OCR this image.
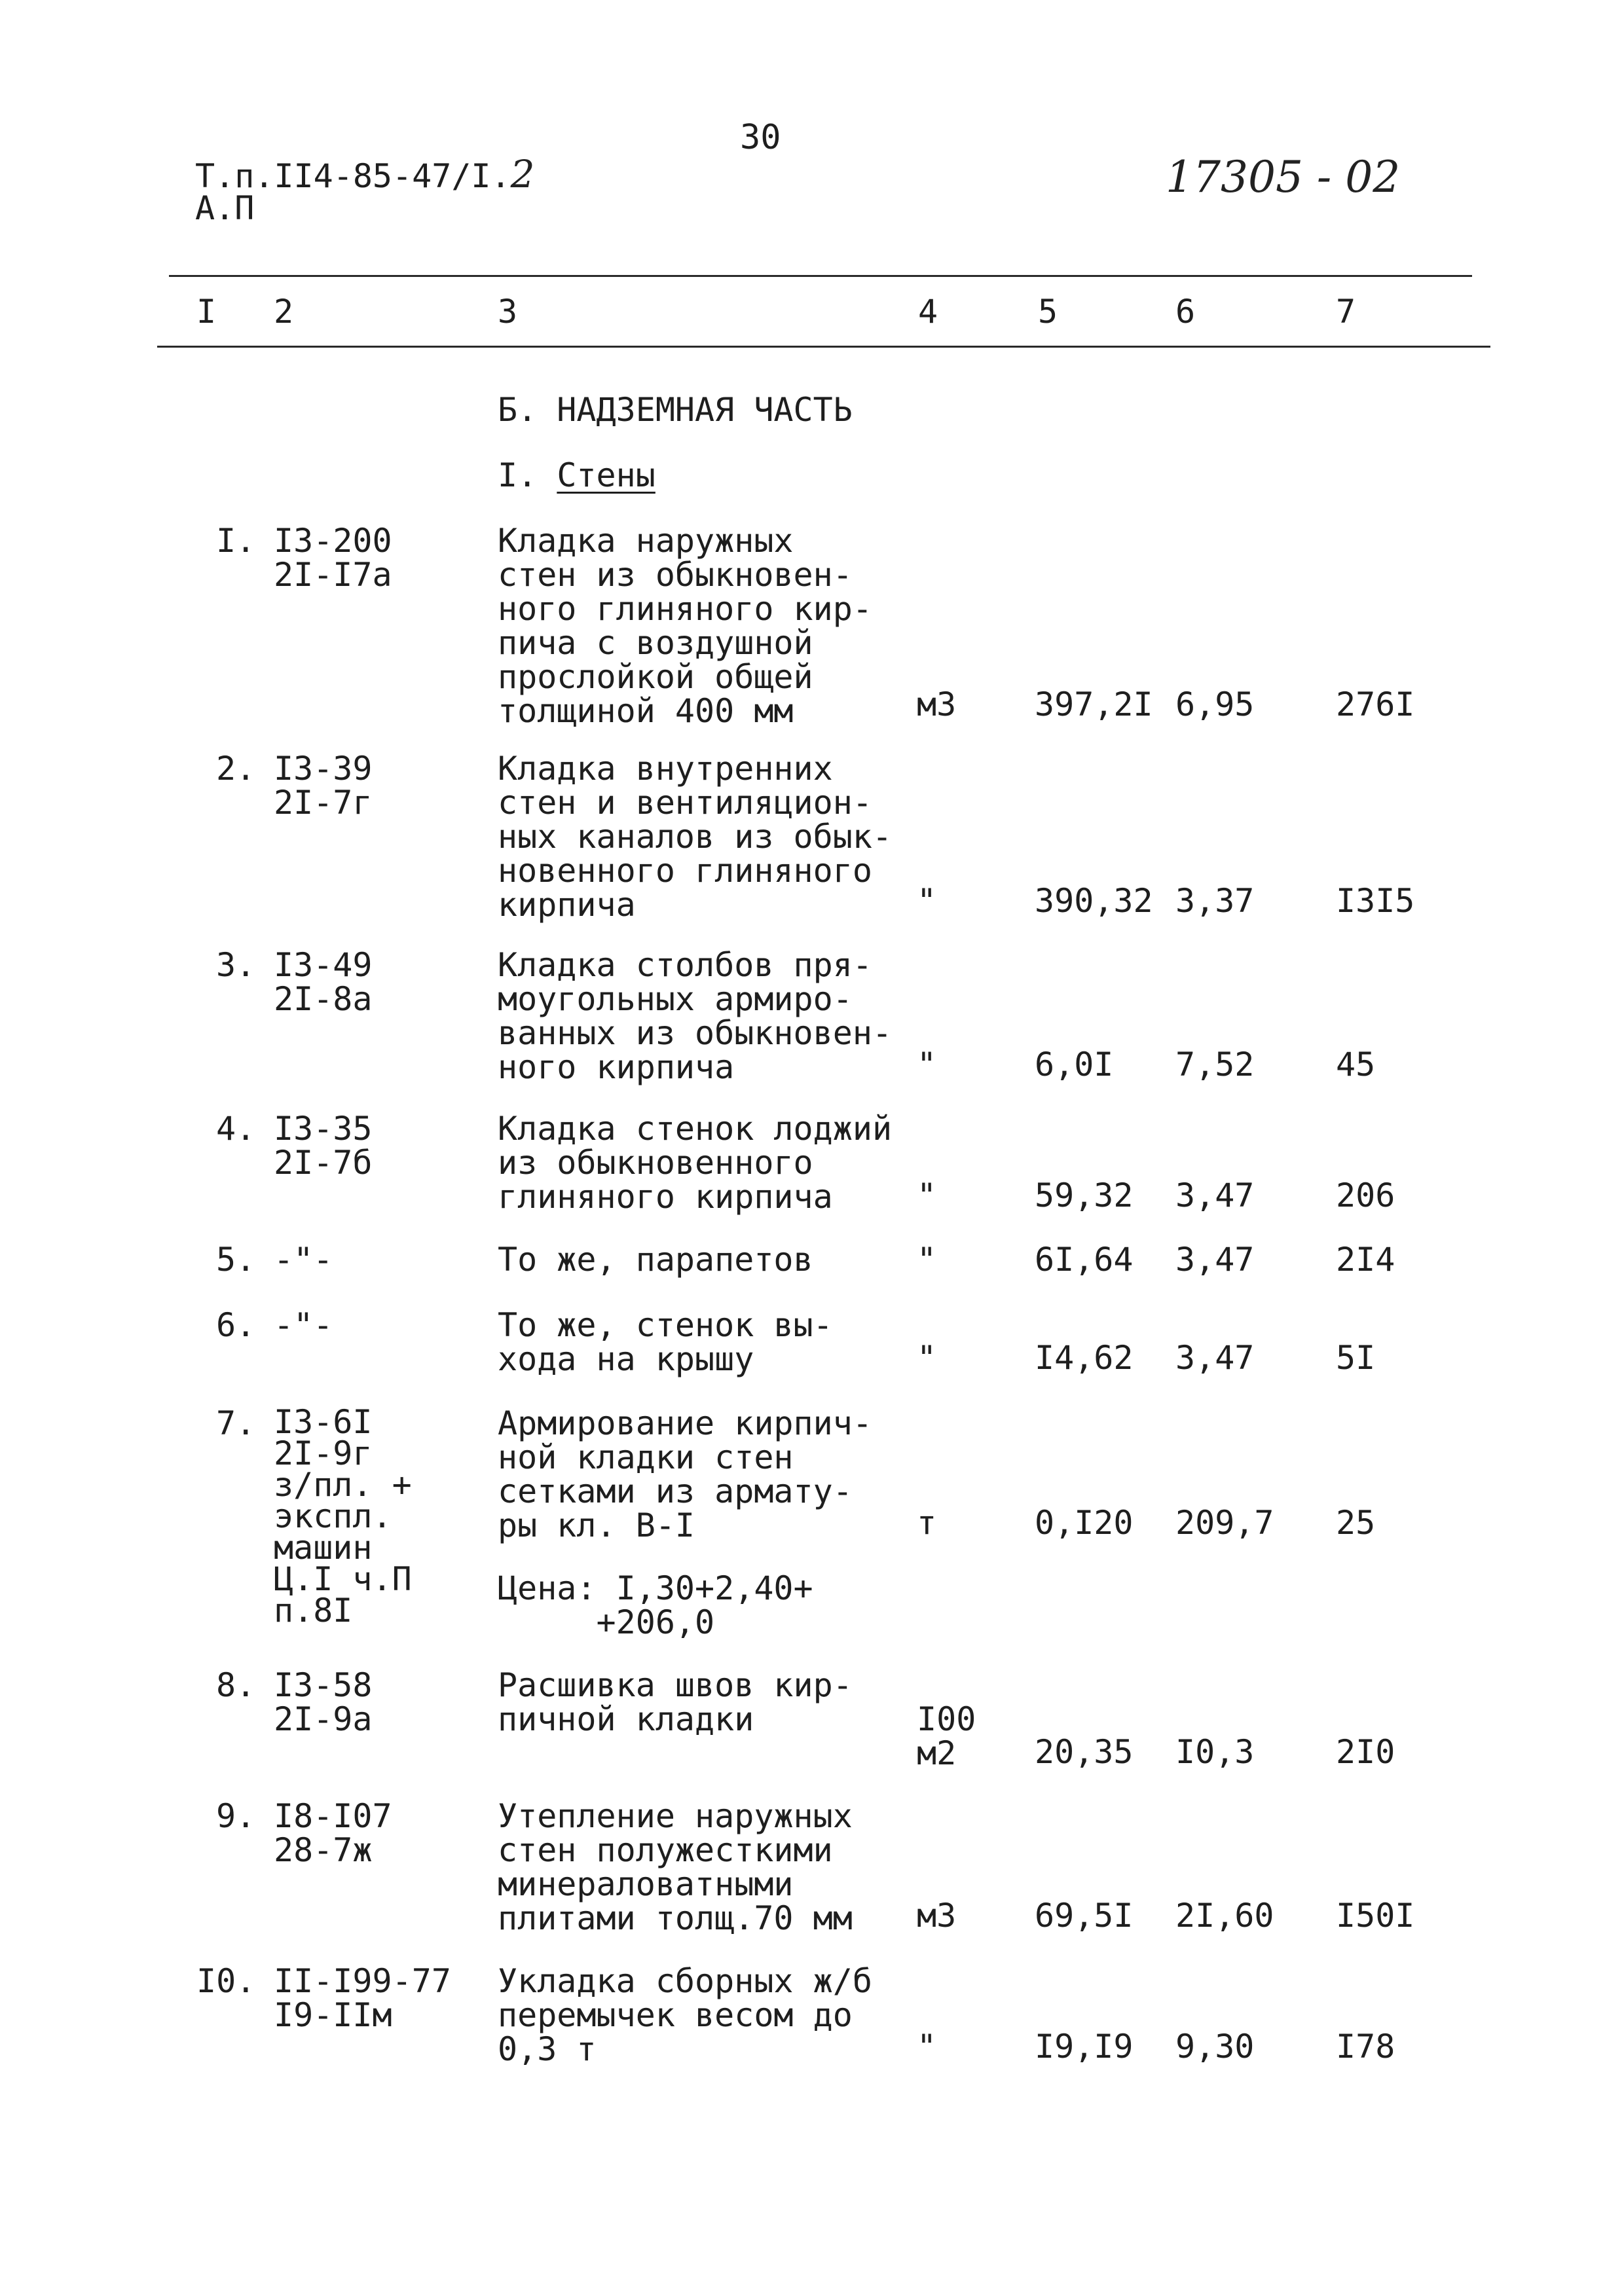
30
Т.п.II4-85-47/I.2
А.П
17305 - 02
I 2	3	4	5	6	7
Б. НАДЗЕМНАЯ ЧАСТЬ
I. Стены
I. I3-200
2I-I7a
Кладка наружных
стен из обыкновен-
ного глиняного кир-
пича с воздушной
прослойкой общей
толщиной 400 мм	м3 397,2I 6,95 276I
2. I3-39
2I-7г
Кладка внутренних
стен и вентиляцион-
ных каналов из обык-
новенного глиняного
кирпича	"	390,32 3,37 I3I5
3. I3-49
2I-8a
Кладка столбов пря-
моугольных армиро-
ванных из обыкновен-
ного кирпича	"	6,0I 7,52 45
4. I3-35
2I-7б
Кладка стенок лоджий
из обыкновенного
глиняного кирпича	"	59,32 3,47 206
5. -"-	То же, парапетов	"	6I,64 3,47 2I4
6. -"-	То же, стенок вы-
хода на крышу	"	I4,62 3,47 5I
7. I3-6I
2I-9г
з/пл. +
экспл.
машин
Ц.I ч.П
п.8I
Армирование кирпич-
ной кладки стен
сетками из армату-
ры кл. В-I
Цена: I,30+2,40+
+206,0
т	0,I20 209,7 25
8. I3-58
2I-9a
Расшивка швов кир-
пичной кладки	I00
м2	20,35 I0,3 2I0
9. I8-I07
28-7ж
Утепление наружных
стен полужесткими
минераловатными
плитами толщ.70 мм м3 69,5I 2I,60 I50I
I0. II-I99-77
I9-IIм
Укладка сборных ж/б
перемычек весом до
0,3 т	"	I9,I9 9,30 I78
